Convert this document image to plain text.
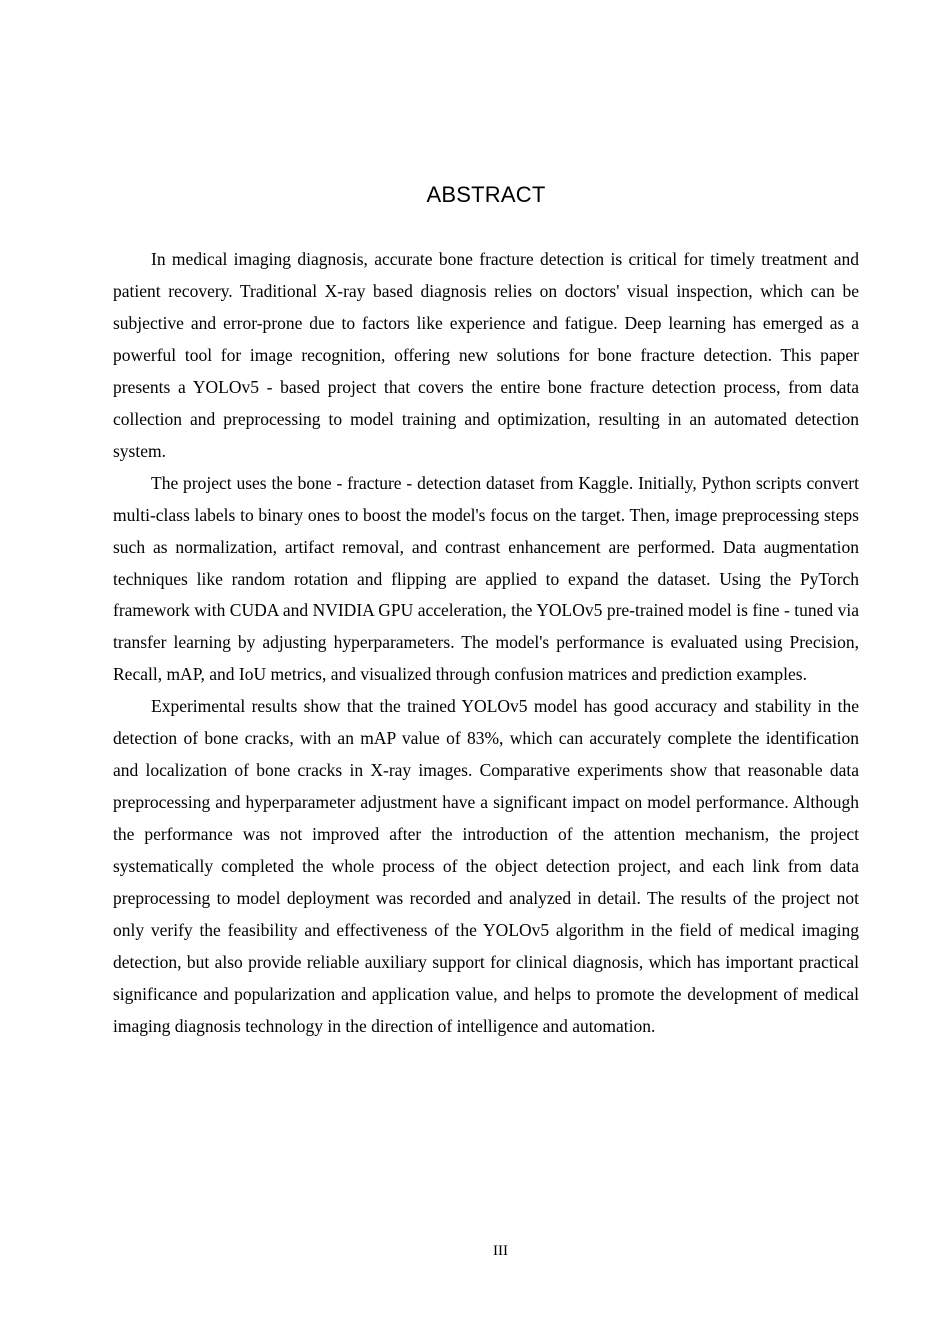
ABSTRACT

In medical imaging diagnosis, accurate bone fracture detection is critical for timely treatment and patient recovery. Traditional X-ray based diagnosis relies on doctors' visual inspection, which can be subjective and error-prone due to factors like experience and fatigue. Deep learning has emerged as a powerful tool for image recognition, offering new solutions for bone fracture detection. This paper presents a YOLOv5 - based project that covers the entire bone fracture detection process, from data collection and preprocessing to model training and optimization, resulting in an automated detection system.

The project uses the bone - fracture - detection dataset from Kaggle. Initially, Python scripts convert multi-class labels to binary ones to boost the model's focus on the target. Then, image preprocessing steps such as normalization, artifact removal, and contrast enhancement are performed. Data augmentation techniques like random rotation and flipping are applied to expand the dataset. Using the PyTorch framework with CUDA and NVIDIA GPU acceleration, the YOLOv5 pre-trained model is fine - tuned via transfer learning by adjusting hyperparameters. The model's performance is evaluated using Precision, Recall, mAP, and IoU metrics, and visualized through confusion matrices and prediction examples.

Experimental results show that the trained YOLOv5 model has good accuracy and stability in the detection of bone cracks, with an mAP value of 83%, which can accurately complete the identification and localization of bone cracks in X-ray images. Comparative experiments show that reasonable data preprocessing and hyperparameter adjustment have a significant impact on model performance. Although the performance was not improved after the introduction of the attention mechanism, the project systematically completed the whole process of the object detection project, and each link from data preprocessing to model deployment was recorded and analyzed in detail. The results of the project not only verify the feasibility and effectiveness of the YOLOv5 algorithm in the field of medical imaging detection, but also provide reliable auxiliary support for clinical diagnosis, which has important practical significance and popularization and application value, and helps to promote the development of medical imaging diagnosis technology in the direction of intelligence and automation.

III
